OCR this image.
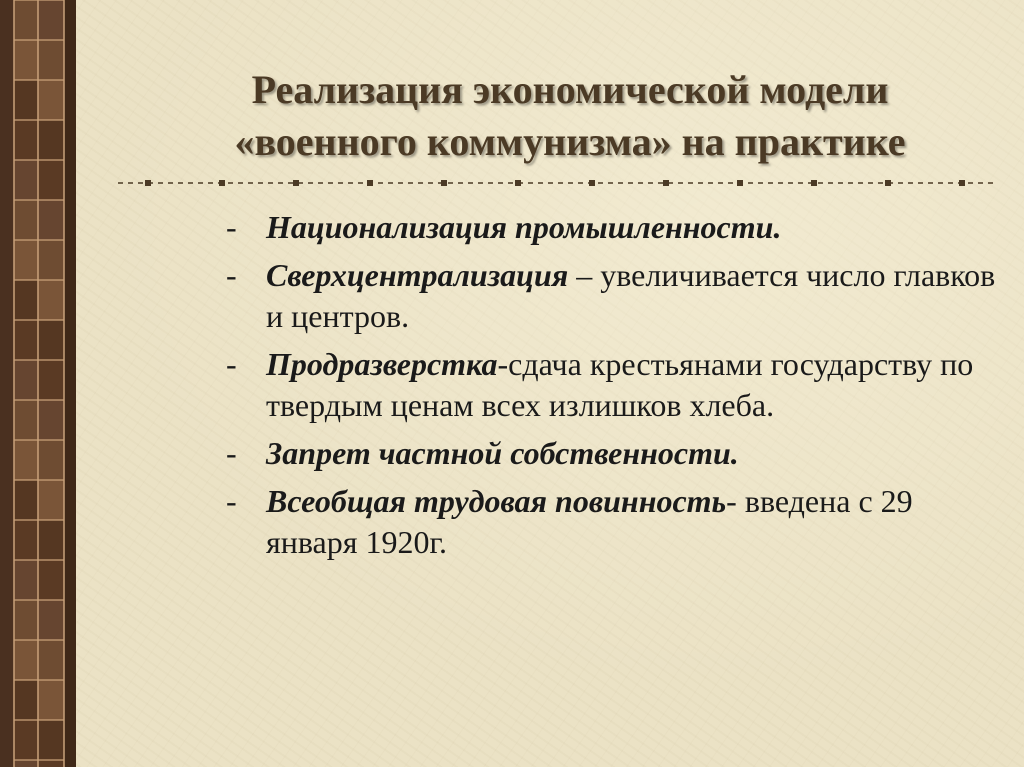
Реализация экономической модели
«военного коммунизма» на практике
- Национализация промышленности.
- Сверхцентрализация – увеличивается число главков и центров.
- Продразверстка-сдача крестьянами государству по твердым ценам всех излишков хлеба.
- Запрет частной собственности.
- Всеобщая трудовая повинность- введена с 29 января 1920г.
